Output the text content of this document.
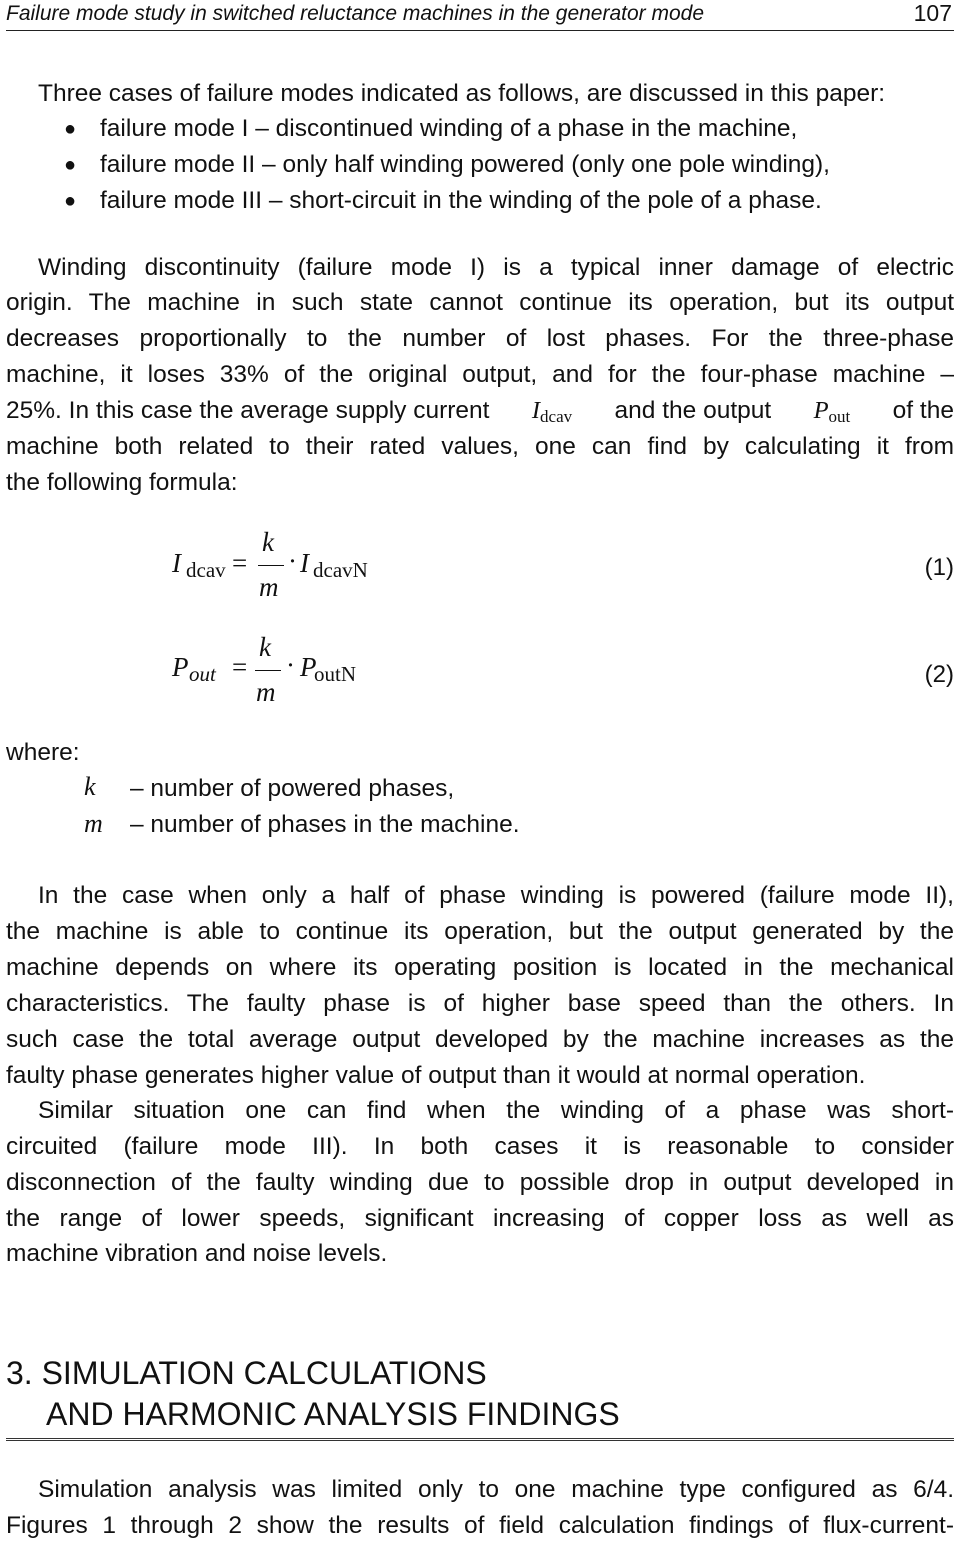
Failure mode study in switched reluctance machines in the generator mode	107
Three cases of failure modes indicated as follows, are discussed in this paper:
● failure mode I – discontinued winding of a phase in the machine,
● failure mode II – only half winding powered (only one pole winding),
● failure mode III – short-circuit in the winding of the pole of a phase.
Winding discontinuity (failure mode I) is a typical inner damage of electric
origin. The machine in such state cannot continue its operation, but its output
decreases proportionally to the number of lost phases. For the three-phase
machine, it loses 33% of the original output, and for the four-phase machine –
25%. In this case the average supply current $I_{dcav}$ and the output $P_{out}$ of the
machine both related to their rated values, one can find by calculating it from
the following formula:
I dcav =
k
m
· I dcavN	(1)
P out =
k
m
· P
outN	(2)
where:
k – number of powered phases,
m – number of phases in the machine.
In the case when only a half of phase winding is powered (failure mode II),
the machine is able to continue its operation, but the output generated by the
machine depends on where its operating position is located in the mechanical
characteristics. The faulty phase is of higher base speed than the others. In
such case the total average output developed by the machine increases as the
faulty phase generates higher value of output than it would at normal operation.
Similar situation one can find when the winding of a phase was short-
circuited (failure mode III). In both cases it is reasonable to consider
disconnection of the faulty winding due to possible drop in output developed in
the range of lower speeds, significant increasing of copper loss as well as
machine vibration and noise levels.
3. SIMULATION CALCULATIONS
AND HARMONIC ANALYSIS FINDINGS
Simulation analysis was limited only to one machine type configured as 6/4.
Figures 1 through 2 show the results of field calculation findings of flux-current-
